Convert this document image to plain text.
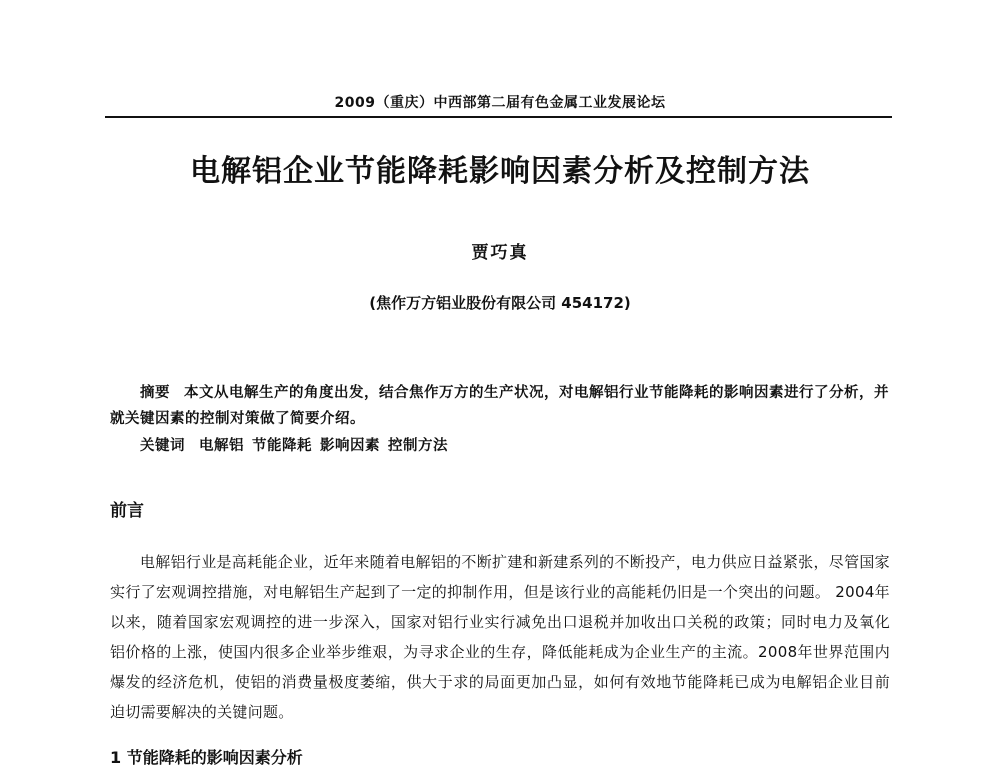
2009（重庆）中西部第二届有色金属工业发展论坛
电解铝企业节能降耗影响因素分析及控制方法
贾巧真
(焦作万方铝业股份有限公司 454172)
摘要 本文从电解生产的角度出发，结合焦作万方的生产状况，对电解铝行业节能降耗的影响因素进行了分析，并就关键因素的控制对策做了简要介绍。
关键词 电解铝 节能降耗 影响因素 控制方法
前言
电解铝行业是高耗能企业，近年来随着电解铝的不断扩建和新建系列的不断投产，电力供应日益紧张，尽管国家实行了宏观调控措施，对电解铝生产起到了一定的抑制作用，但是该行业的高能耗仍旧是一个突出的问题。 2004年以来，随着国家宏观调控的进一步深入，国家对铝行业实行减免出口退税并加收出口关税的政策；同时电力及氧化铝价格的上涨，使国内很多企业举步维艰，为寻求企业的生存，降低能耗成为企业生产的主流。2008年世界范围内爆发的经济危机，使铝的消费量极度萎缩，供大于求的局面更加凸显，如何有效地节能降耗已成为电解铝企业目前迫切需要解决的关键问题。
1 节能降耗的影响因素分析
